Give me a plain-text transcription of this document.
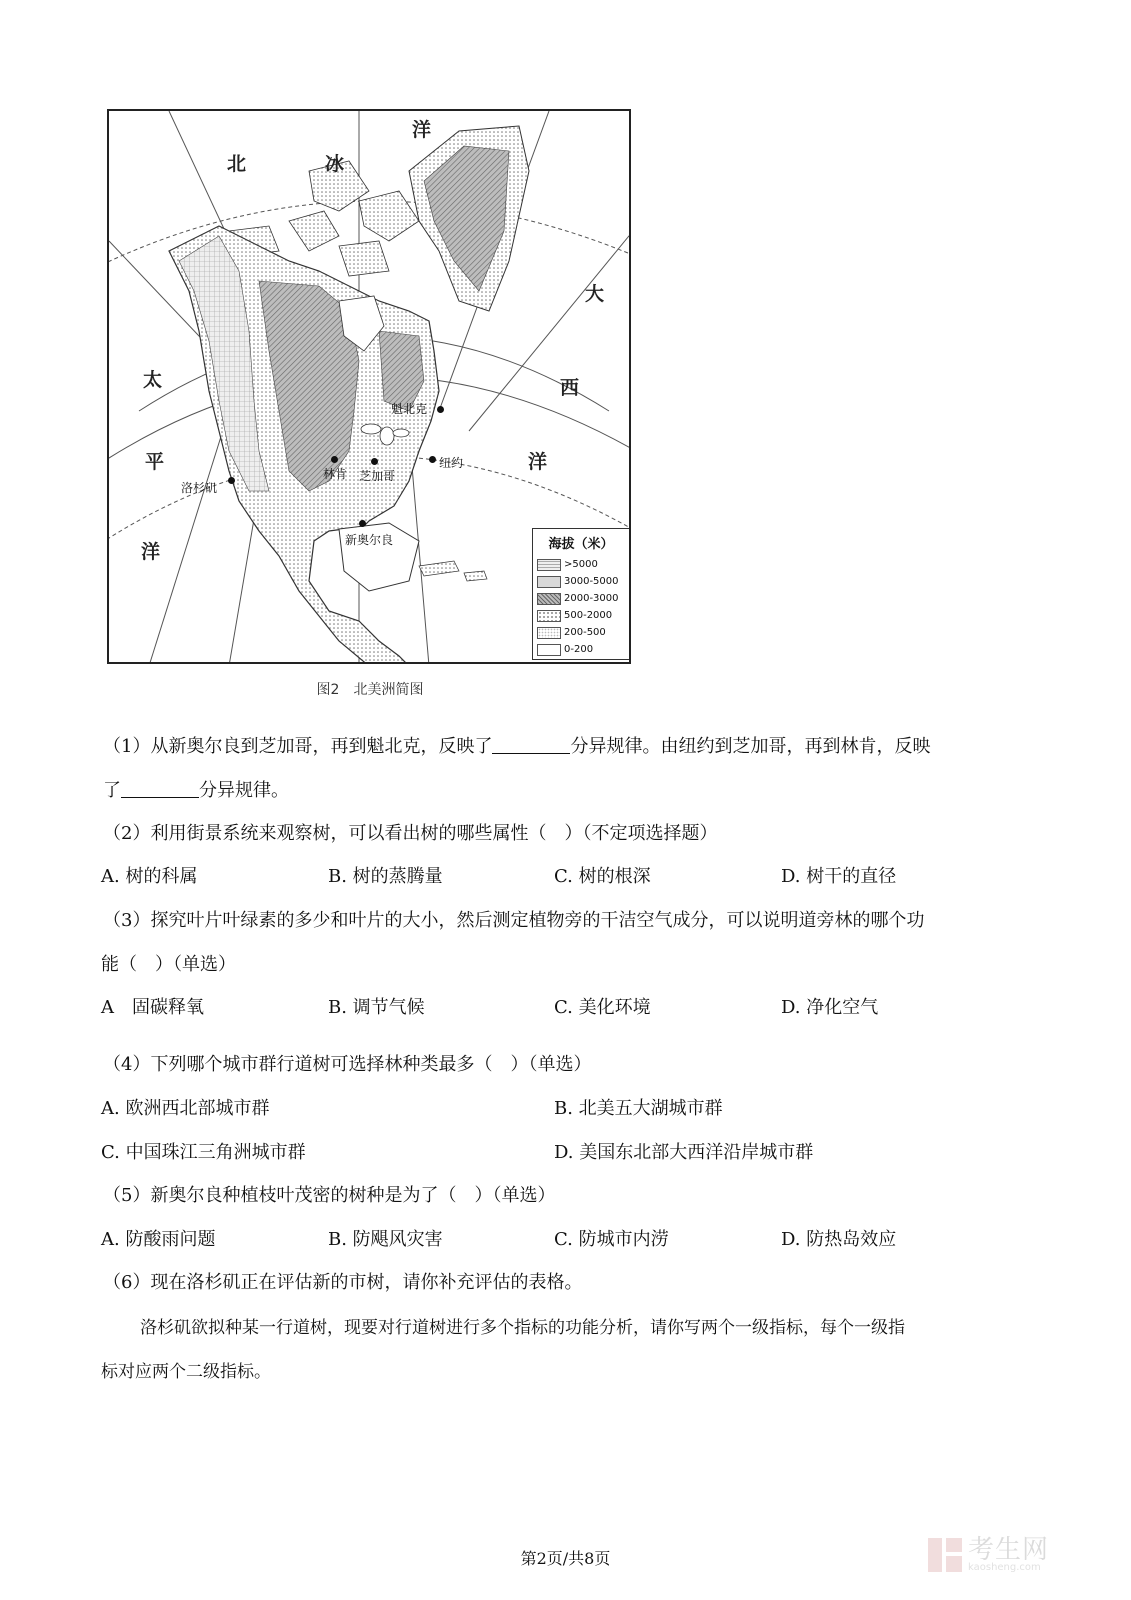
北	冰
洋
大
西
洋
太
平
洋
魁北克
林肯 芝加哥
纽约
洛杉矶
新奥尔良	海拔（米）
>5000
3000-5000
2000-3000
500-2000
200-500
0-200
图2　北美洲简图
（1）从新奥尔良到芝加哥，再到魁北克，反映了	分异规律。由纽约到芝加哥，再到林肯，反映
了	分异规律。
（2）利用街景系统来观察树，可以看出树的哪些属性（　）（不定项选择题）
A. 树的科属	B. 树的蒸腾量	C. 树的根深	D. 树干的直径
（3）探究叶片叶绿素的多少和叶片的大小，然后测定植物旁的干洁空气成分，可以说明道旁林的哪个功
能（　）（单选）
A　固碳释氧	B. 调节气候	C. 美化环境	D. 净化空气
（4）下列哪个城市群行道树可选择林种类最多（　）（单选）
A. 欧洲西北部城市群	B. 北美五大湖城市群
C. 中国珠江三角洲城市群	D. 美国东北部大西洋沿岸城市群
（5）新奥尔良种植枝叶茂密的树种是为了（　）（单选）
A. 防酸雨问题	B. 防飓风灾害	C. 防城市内涝	D. 防热岛效应
（6）现在洛杉矶正在评估新的市树，请你补充评估的表格。
洛杉矶欲拟种某一行道树，现要对行道树进行多个指标的功能分析，请你写两个一级指标，每个一级指
标对应两个二级指标。
第2页/共8页	考生网
kaosheng.com
